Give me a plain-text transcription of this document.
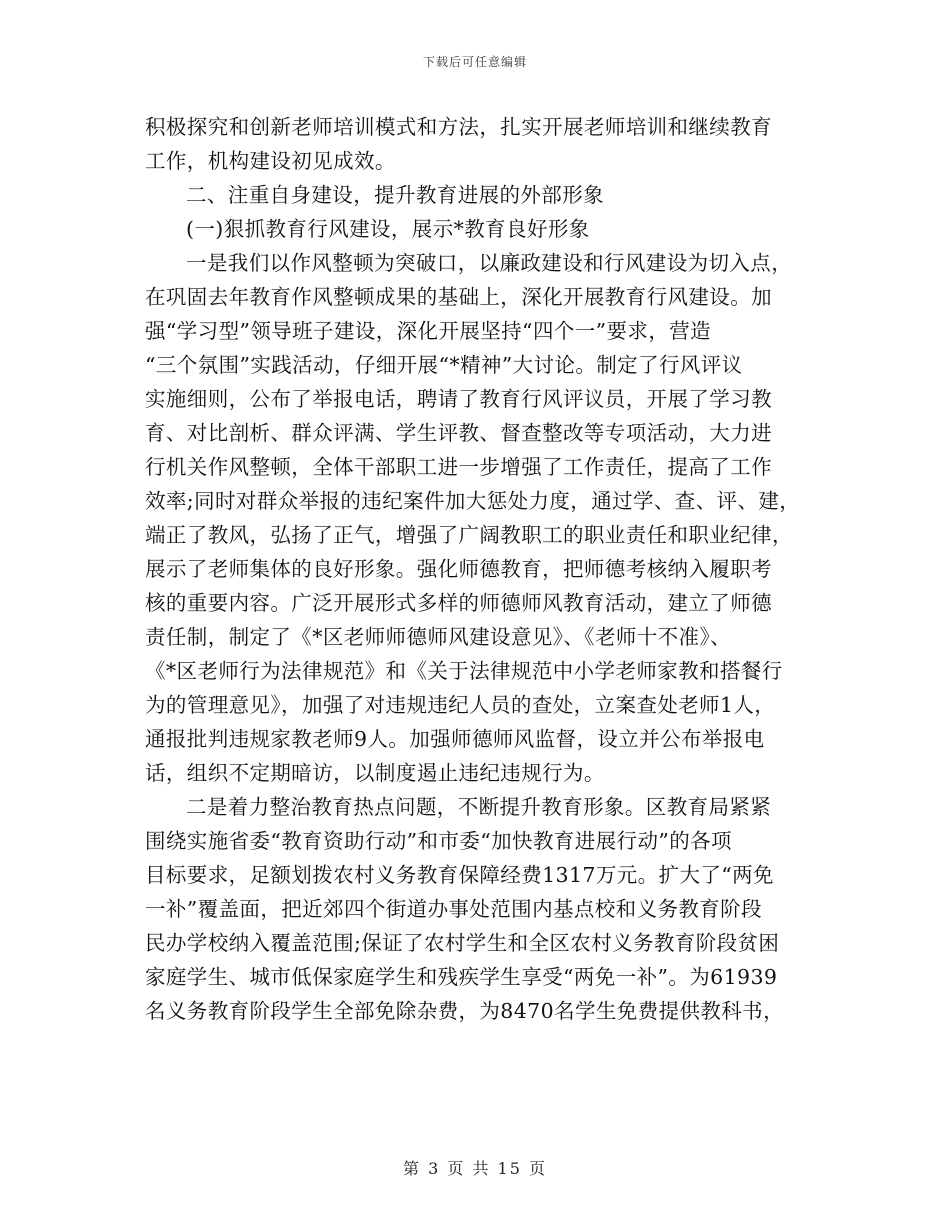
下载后可任意编辑
积极探究和创新老师培训模式和方法，扎实开展老师培训和继续教育
工作，机构建设初见成效。
二、注重自身建设，提升教育进展的外部形象
(一)狠抓教育行风建设，展示*教育良好形象
一是我们以作风整顿为突破口，以廉政建设和行风建设为切入点，
在巩固去年教育作风整顿成果的基础上，深化开展教育行风建设。加
强“学习型”领导班子建设，深化开展坚持“四个一”要求，营造
“三个氛围”实践活动，仔细开展“*精神”大讨论。制定了行风评议
实施细则，公布了举报电话，聘请了教育行风评议员，开展了学习教
育、对比剖析、群众评满、学生评教、督查整改等专项活动，大力进
行机关作风整顿，全体干部职工进一步增强了工作责任，提高了工作
效率;同时对群众举报的违纪案件加大惩处力度，通过学、查、评、建，
端正了教风，弘扬了正气，增强了广阔教职工的职业责任和职业纪律，
展示了老师集体的良好形象。强化师德教育，把师德考核纳入履职考
核的重要内容。广泛开展形式多样的师德师风教育活动，建立了师德
责任制，制定了《*区老师师德师风建设意见》、《老师十不准》、
《*区老师行为法律规范》和《关于法律规范中小学老师家教和搭餐行
为的管理意见》，加强了对违规违纪人员的查处，立案查处老师1人，
通报批判违规家教老师9人。加强师德师风监督，设立并公布举报电
话，组织不定期暗访，以制度遏止违纪违规行为。
二是着力整治教育热点问题，不断提升教育形象。区教育局紧紧
围绕实施省委“教育资助行动”和市委“加快教育进展行动”的各项
目标要求，足额划拨农村义务教育保障经费1317万元。扩大了“两免
一补”覆盖面，把近郊四个街道办事处范围内基点校和义务教育阶段
民办学校纳入覆盖范围;保证了农村学生和全区农村义务教育阶段贫困
家庭学生、城市低保家庭学生和残疾学生享受“两免一补”。为61939
名义务教育阶段学生全部免除杂费，为8470名学生免费提供教科书，
第 3 页 共 15 页
